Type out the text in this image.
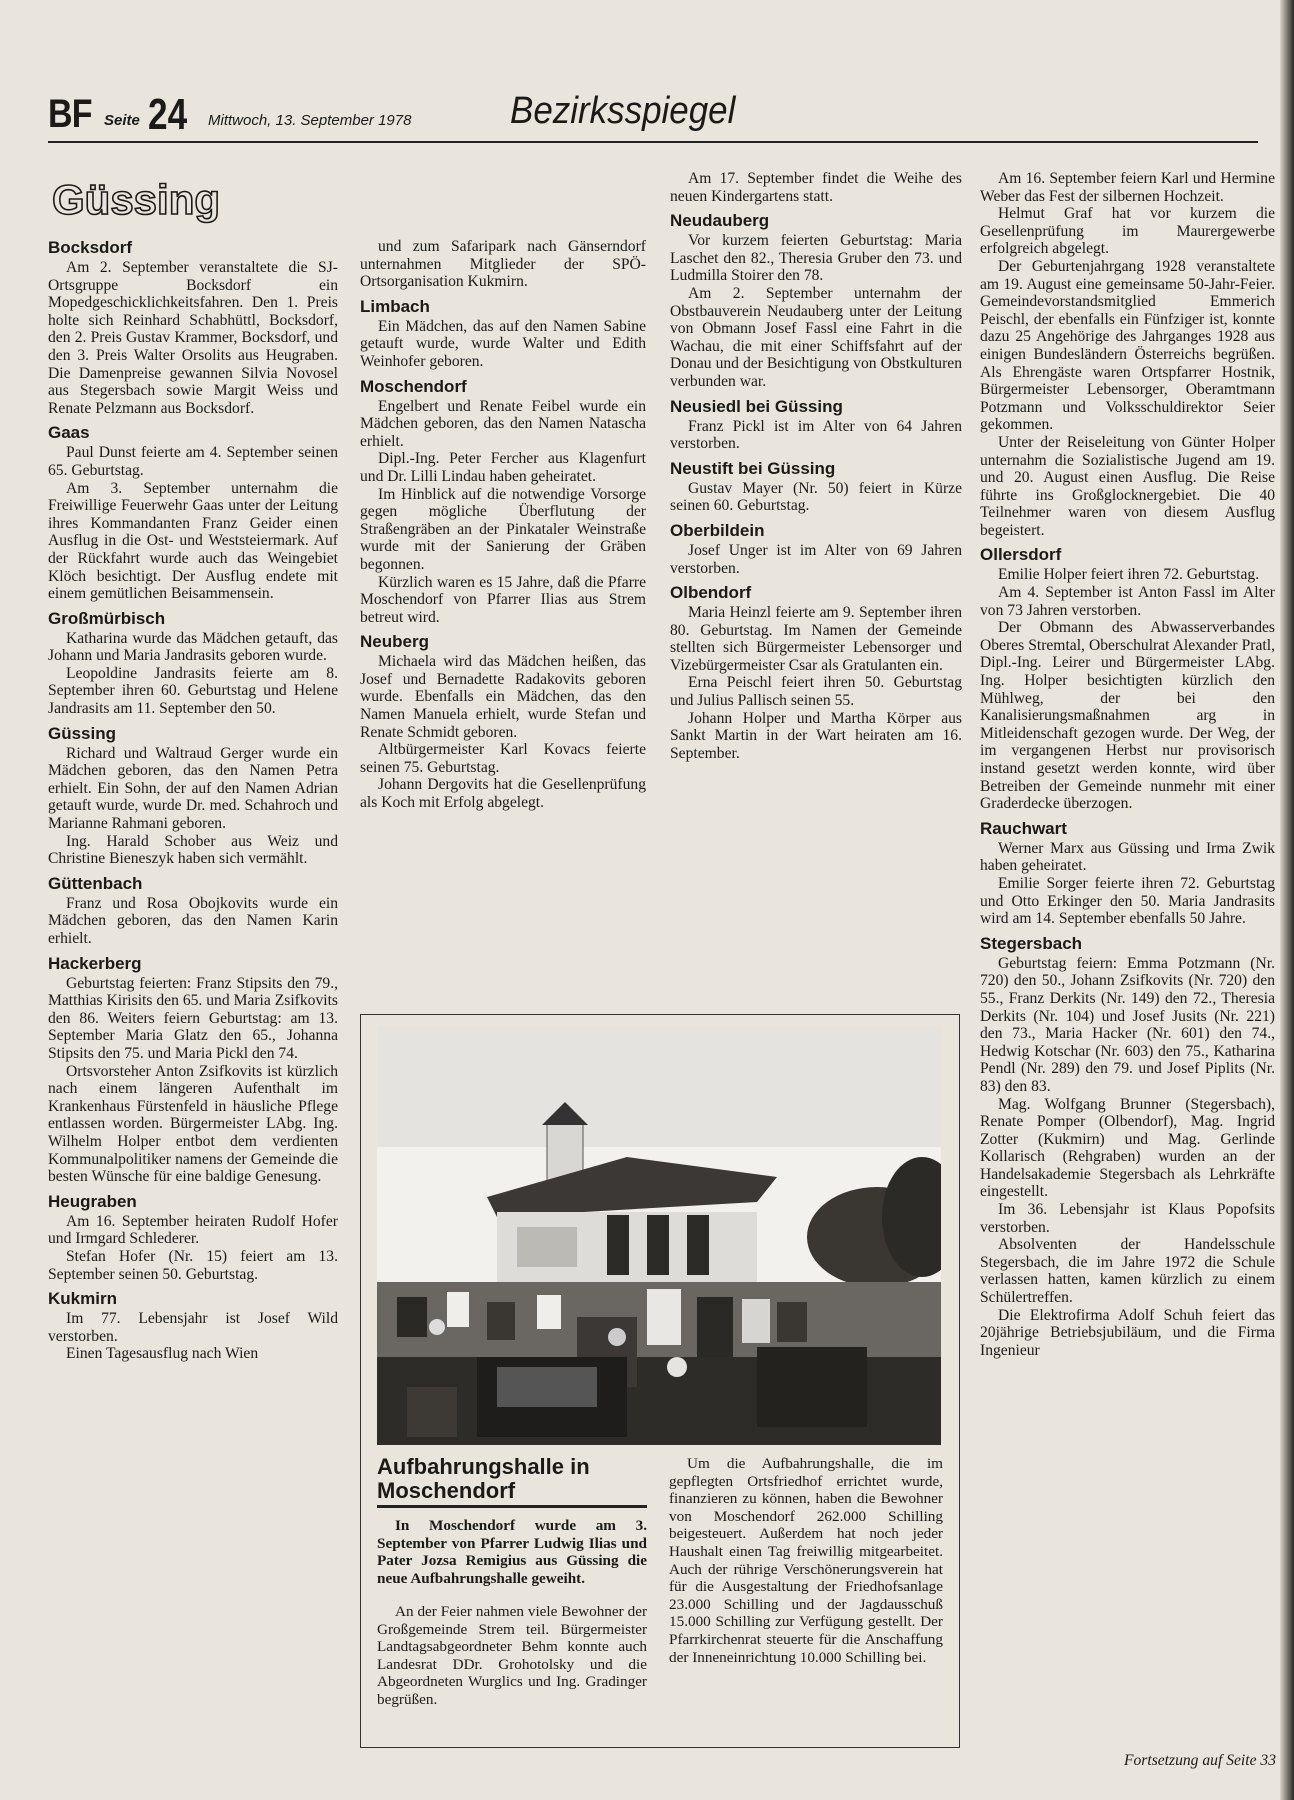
BF Seite 24 Mittwoch, 13. September 1978	Bezirksspiegel
Güssing
Bocksdorf

Am 2. September veranstaltete die SJ-Ortsgruppe Bocksdorf ein Mopedgeschicklichkeitsfahren. Den 1. Preis holte sich Reinhard Schabhüttl, Bocksdorf, den 2. Preis Gustav Krammer, Bocksdorf, und den 3. Preis Walter Orsolits aus Heugraben. Die Damenpreise gewannen Silvia Novosel aus Stegersbach sowie Margit Weiss und Renate Pelzmann aus Bocksdorf.

Gaas

Paul Dunst feierte am 4. September seinen 65. Geburtstag.

Am 3. September unternahm die Freiwillige Feuerwehr Gaas unter der Leitung ihres Kommandanten Franz Geider einen Ausflug in die Ost- und Weststeiermark. Auf der Rückfahrt wurde auch das Weingebiet Klöch besichtigt. Der Ausflug endete mit einem gemütlichen Beisammensein.

Großmürbisch

Katharina wurde das Mädchen getauft, das Johann und Maria Jandrasits geboren wurde.

Leopoldine Jandrasits feierte am 8. September ihren 60. Geburtstag und Helene Jandrasits am 11. September den 50.

Güssing

Richard und Waltraud Gerger wurde ein Mädchen geboren, das den Namen Petra erhielt. Ein Sohn, der auf den Namen Adrian getauft wurde, wurde Dr. med. Schahroch und Marianne Rahmani geboren.

Ing. Harald Schober aus Weiz und Christine Bieneszyk haben sich vermählt.

Güttenbach

Franz und Rosa Obojkovits wurde ein Mädchen geboren, das den Namen Karin erhielt.

Hackerberg

Geburtstag feierten: Franz Stipsits den 79., Matthias Kirisits den 65. und Maria Zsifkovits den 86. Weiters feiern Geburtstag: am 13. September Maria Glatz den 65., Johanna Stipsits den 75. und Maria Pickl den 74.

Ortsvorsteher Anton Zsifkovits ist kürzlich nach einem längeren Aufenthalt im Krankenhaus Fürstenfeld in häusliche Pflege entlassen worden. Bürgermeister LAbg. Ing. Wilhelm Holper entbot dem verdienten Kommunalpolitiker namens der Gemeinde die besten Wünsche für eine baldige Genesung.

Heugraben

Am 16. September heiraten Rudolf Hofer und Irmgard Schlederer.

Stefan Hofer (Nr. 15) feiert am 13. September seinen 50. Geburtstag.

Kukmirn

Im 77. Lebensjahr ist Josef Wild verstorben.

Einen Tagesausflug nach Wien

und zum Safaripark nach Gänserndorf unternahmen Mitglieder der SPÖ-Ortsorganisation Kukmirn.

Limbach

Ein Mädchen, das auf den Namen Sabine getauft wurde, wurde Walter und Edith Weinhofer geboren.

Moschendorf

Engelbert und Renate Feibel wurde ein Mädchen geboren, das den Namen Natascha erhielt.

Dipl.-Ing. Peter Fercher aus Klagenfurt und Dr. Lilli Lindau haben geheiratet.

Im Hinblick auf die notwendige Vorsorge gegen mögliche Überflutung der Straßengräben an der Pinkataler Weinstraße wurde mit der Sanierung der Gräben begonnen.

Kürzlich waren es 15 Jahre, daß die Pfarre Moschendorf von Pfarrer Ilias aus Strem betreut wird.

Neuberg

Michaela wird das Mädchen heißen, das Josef und Bernadette Radakovits geboren wurde. Ebenfalls ein Mädchen, das den Namen Manuela erhielt, wurde Stefan und Renate Schmidt geboren.

Altbürgermeister Karl Kovacs feierte seinen 75. Geburtstag.

Johann Dergovits hat die Gesellenprüfung als Koch mit Erfolg abgelegt.

Am 17. September findet die Weihe des neuen Kindergartens statt.

Neudauberg

Vor kurzem feierten Geburtstag: Maria Laschet den 82., Theresia Gruber den 73. und Ludmilla Stoirer den 78.

Am 2. September unternahm der Obstbauverein Neudauberg unter der Leitung von Obmann Josef Fassl eine Fahrt in die Wachau, die mit einer Schiffsfahrt auf der Donau und der Besichtigung von Obstkulturen verbunden war.

Neusiedl bei Güssing

Franz Pickl ist im Alter von 64 Jahren verstorben.

Neustift bei Güssing

Gustav Mayer (Nr. 50) feiert in Kürze seinen 60. Geburtstag.

Oberbildein

Josef Unger ist im Alter von 69 Jahren verstorben.

Olbendorf

Maria Heinzl feierte am 9. September ihren 80. Geburtstag. Im Namen der Gemeinde stellten sich Bürgermeister Lebensorger und Vizebürgermeister Csar als Gratulanten ein.

Erna Peischl feiert ihren 50. Geburtstag und Julius Pallisch seinen 55.

Johann Holper und Martha Körper aus Sankt Martin in der Wart heiraten am 16. September.

Am 16. September feiern Karl und Hermine Weber das Fest der silbernen Hochzeit.

Helmut Graf hat vor kurzem die Gesellenprüfung im Maurergewerbe erfolgreich abgelegt.

Der Geburtenjahrgang 1928 veranstaltete am 19. August eine gemeinsame 50-Jahr-Feier. Gemeindevorstandsmitglied Emmerich Peischl, der ebenfalls ein Fünfziger ist, konnte dazu 25 Angehörige des Jahrganges 1928 aus einigen Bundesländern Österreichs begrüßen. Als Ehrengäste waren Ortspfarrer Hostnik, Bürgermeister Lebensorger, Oberamtmann Potzmann und Volksschuldirektor Seier gekommen.

Unter der Reiseleitung von Günter Holper unternahm die Sozialistische Jugend am 19. und 20. August einen Ausflug. Die Reise führte ins Großglocknergebiet. Die 40 Teilnehmer waren von diesem Ausflug begeistert.

Ollersdorf

Emilie Holper feiert ihren 72. Geburtstag.

Am 4. September ist Anton Fassl im Alter von 73 Jahren verstorben.

Der Obmann des Abwasserverbandes Oberes Stremtal, Oberschulrat Alexander Pratl, Dipl.-Ing. Leirer und Bürgermeister LAbg. Ing. Holper besichtigten kürzlich den Mühlweg, der bei den Kanalisierungsmaßnahmen arg in Mitleidenschaft gezogen wurde. Der Weg, der im vergangenen Herbst nur provisorisch instand gesetzt werden konnte, wird über Betreiben der Gemeinde nunmehr mit einer Graderdecke überzogen.

Rauchwart

Werner Marx aus Güssing und Irma Zwik haben geheiratet.

Emilie Sorger feierte ihren 72. Geburtstag und Otto Erkinger den 50. Maria Jandrasits wird am 14. September ebenfalls 50 Jahre.

Stegersbach

Geburtstag feiern: Emma Potzmann (Nr. 720) den 50., Johann Zsifkovits (Nr. 720) den 55., Franz Derkits (Nr. 149) den 72., Theresia Derkits (Nr. 104) und Josef Jusits (Nr. 221) den 73., Maria Hacker (Nr. 601) den 74., Hedwig Kotschar (Nr. 603) den 75., Katharina Pendl (Nr. 289) den 79. und Josef Piplits (Nr. 83) den 83.

Mag. Wolfgang Brunner (Stegersbach), Renate Pomper (Olbendorf), Mag. Ingrid Zotter (Kukmirn) und Mag. Gerlinde Kollarisch (Rehgraben) wurden an der Handelsakademie Stegersbach als Lehrkräfte eingestellt.

Im 36. Lebensjahr ist Klaus Popofsits verstorben.

Absolventen der Handelsschule Stegersbach, die im Jahre 1972 die Schule verlassen hatten, kamen kürzlich zu einem Schülertreffen.

Die Elektrofirma Adolf Schuh feiert das 20jährige Betriebsjubiläum, und die Firma Ingenieur

Aufbahrungshalle in Moschendorf
In Moschendorf wurde am 3. September von Pfarrer Ludwig Ilias und Pater Jozsa Remigius aus Güssing die neue Aufbahrungshalle geweiht.
An der Feier nahmen viele Bewohner der Großgemeinde Strem teil. Bürgermeister Landtagsabgeordneter Behm konnte auch Landesrat DDr. Grohotolsky und die Abgeordneten Wurglics und Ing. Gradinger begrüßen.
Um die Aufbahrungshalle, die im gepflegten Ortsfriedhof errichtet wurde, finanzieren zu können, haben die Bewohner von Moschendorf 262.000 Schilling beigesteuert. Außerdem hat noch jeder Haushalt einen Tag freiwillig mitgearbeitet. Auch der rührige Verschönerungsverein hat für die Ausgestaltung der Friedhofsanlage 23.000 Schilling und der Jagdausschuß 15.000 Schilling zur Verfügung gestellt. Der Pfarrkirchenrat steuerte für die Anschaffung der Inneneinrichtung 10.000 Schilling bei.
Fortsetzung auf Seite 33
